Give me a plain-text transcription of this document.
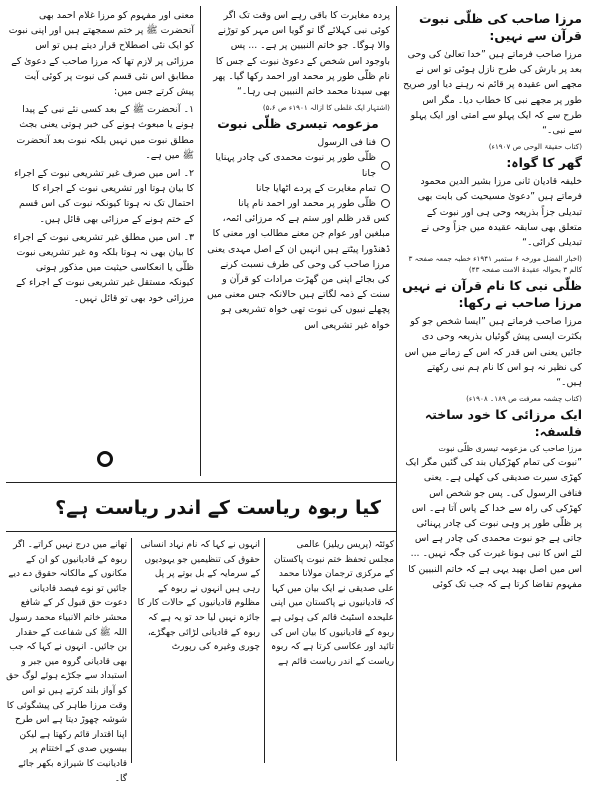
مرزا صاحب کی ظلّی نبوت قرآن سے نہیں:

مرزا صاحب فرماتے ہیں ”خدا تعالیٰ کی وحی بعد پر بارش کی طرح نازل ہوئی تو اس نے مجھے اس عقیدہ پر قائم نہ رہنے دیا اور صریح طور پر مجھے نبی کا خطاب دیا۔ مگر اس طرح سے کہ ایک پہلو سے امتی اور ایک پہلو سے نبی۔“

(کتاب حقیقۃ الوحی ص ۱۹۰۷ء)
گھر کا گواہ:

خلیفہ قادیان ثانی مرزا بشیر الدین محمود فرماتے ہیں ”دعویٰ مسیحیت کی بابت بھی تبدیلی جزاً بذریعہ وحی ہی اور نبوت کے متعلق بھی سابقہ عقیدہ میں جزاً وحی نے تبدیلی کرائی۔“

(اخبار الفضل مورخہ ۶ ستمبر ۱۹۴۱ء خطبہ جمعہ صفحہ ۳ کالم ۳ بحوالہ عقیدۃ الامت صفحہ ۴۳)
ظلّی نبی کا نام قرآن نے نہیں مرزا صاحب نے رکھا:

مرزا صاحب فرماتے ہیں ”ایسا شخص جو کو بکثرت ایسی پیش گوئیاں بذریعہ وحی دی جائیں یعنی اس قدر کہ اس کے زمانے میں اس کی نظیر نہ ہو اس کا نام ہم نبی رکھتے ہیں۔“

(کتاب چشمہ معرفت ص ۱۸۹۔ ۱۹۰۸ء)
ایک مرزائی کا خود ساختہ فلسفہ:
مرزا صاحب کی مزعومہ تیسری ظلّی نبوت

”نبوت کی تمام کھڑکیاں بند کی گئیں مگر ایک کھڑی سیرت صدیقی کی کھلی ہے۔ یعنی فنافی الرسول کی۔ پس جو شخص اس کھڑکی کی راہ سے خدا کے پاس آتا ہے۔ اس پر ظلّی طور پر وہی نبوت کی چادر پہنائی جاتی ہے جو نبوت محمدی کی چادر ہے اس لئے اس کا نبی ہونا غیرت کی جگہ نہیں۔ ... اس میں اصل بھید یہی ہے کہ خاتم النبیین کا مفہوم تقاضا کرتا ہے کہ جب تک کوئی

پردہ مغایرت کا باقی رہے اس وقت تک اگر کوئی نبی کہلائے گا تو گویا اس مہر کو توڑنے والا ہوگا۔ جو خاتم النبیین پر ہے۔ ... پس باوجود اس شخص کے دعویٰ نبوت کے جس کا نام ظلّی طور پر محمد اور احمد رکھا گیا۔ پھر بھی سیدنا محمد خاتم النبیین ہی رہا۔“

(اشتہار ایک غلطی کا ازالہ ۱۹۰۱ء ص ۵،۶)
مزعومہ تیسری ظلّی نبوت
فنا فی الرسول
ظلّی طور پر نبوت محمدی کی چادر پہنایا جانا
تمام مغایرت کے پردے اٹھایا جانا
ظلّی طور پر محمد اور احمد نام پانا

کس قدر ظلم اور ستم ہے کہ مرزائی ائمہ، مبلغین اور عوام جن معنے مطالب اور معنی کا ڈھنڈورا پیٹتے ہیں انہیں ان کے اصل مہدی یعنی مرزا صاحب کی وحی کی طرف نسبت کرنے کی بجائے اپنی من گھڑت مرادات کو قرآن و سنت کے ذمہ لگاتے ہیں حالانکہ جس معنی میں پچھلے نبیوں کی نبوت تھی خواہ تشریعی ہو خواہ غیر تشریعی اس

معنی اور مفہوم کو مرزا غلام احمد بھی آنحضرت ﷺ پر ختم سمجھتے ہیں اور اپنی نبوت کو ایک نئی اصطلاح قرار دیتے ہیں تو اس مرزائی پر لازم تھا کہ مرزا صاحب کے دعویٰ کے مطابق اس نئی قسم کی نبوت پر کوئی آیت پیش کرتے جس میں:

۱۔ آنحضرت ﷺ کے بعد کسی نئے نبی کے پیدا ہونے یا مبعوث ہونے کی خبر ہوتی یعنی بجث مطلق نبوت میں نہیں بلکہ نبوت بعد آنحضرت ﷺ میں ہے۔

۲۔ اس میں صرف غیر تشریعی نبوت کے اجراء کا بیان ہوتا اور تشریعی نبوت کے اجراء کا احتمال تک نہ ہوتا کیونکہ نبوت کی اس قسم کے ختم ہونے کے مرزائی بھی قائل ہیں۔

۳۔ اس میں مطلق غیر تشریعی نبوت کے اجراء کا بیان بھی نہ ہوتا بلکہ وہ غیر تشریعی نبوت ظلّی یا انعکاسی حیثیت میں مذکور ہوتی کیونکہ مستقل غیر تشریعی نبوت کے اجراء کے مرزائی خود بھی تو قائل نہیں۔

کیا ربوہ ریاست کے اندر ریاست ہے؟

کوئٹہ (پریس ریلیز) عالمی مجلس تحفظ ختم نبوت پاکستان کے مرکزی ترجمان مولانا محمد علی صدیقی نے ایک بیان میں کہا کہ قادیانیوں نے پاکستان میں اپنی علیحدہ اسٹیٹ قائم کی ہوئی ہے ربوہ کے قادیانیوں کا بیان اس کی تائید اور عکاسی کرتا ہے کہ ربوہ ریاست کے اندر ریاست قائم ہے

انہوں نے کہا کہ نام نہاد انسانی حقوق کی تنظیمیں جو یہودیوں کے سرمایہ کے بل بوتے پر پل رہی ہیں انہوں نے ربوہ کے مظلوم قادیانیوں کے حالات کار کا جائزہ نہیں لیا حد تو یہ ہے کہ ربوہ کے قادیانی لڑائی جھگڑے، چوری وغیرہ کی رپورٹ

تھانے میں درج نہیں کراتے۔ اگر ربوہ کے قادیانیوں کو ان کے مکانوں کے مالکانہ حقوق دے دیے جائیں تو نوے فیصد قادیانی دعوت حق قبول کر کے شافع محشر خاتم الانبیاء محمد رسول اللہ ﷺ کی شفاعت کے حقدار بن جائیں۔ انہوں نے کہا کہ جب بھی قادیانی گروہ میں جبر و استبداد سے جکڑے ہوئے لوگ حق کو آواز بلند کرتے ہیں تو اس وقت مرزا طاہر کی پیشگوئی کا شوشہ چھوڑ دیتا ہے اس طرح اپنا اقتدار قائم رکھتا ہے لیکن بیسویں صدی کے اختتام پر قادیانیت کا شیرازہ بکھر جائے گا۔
